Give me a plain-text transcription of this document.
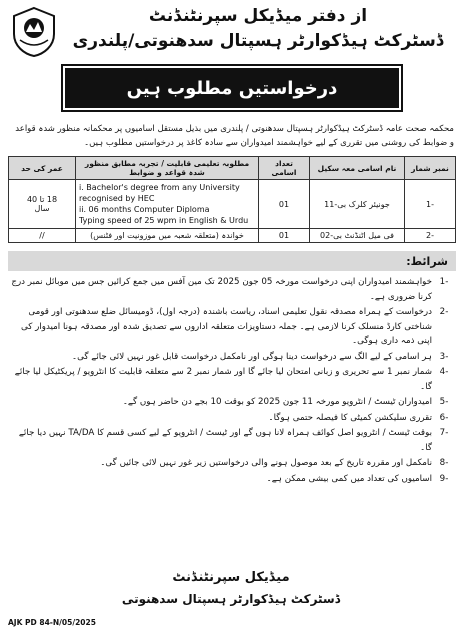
از دفتر میڈیکل سپرنٹنڈنٹ
ڈسٹرکٹ ہیڈکوارٹر ہسپتال سدھنوتی/پلندری
درخواستیں مطلوب ہیں
محکمہ صحت عامہ ڈسٹرکٹ ہیڈکوارٹر ہسپتال سدھنوتی / پلندری میں بذیل مستقل اسامیوں پر محکمانہ منظور شدہ قواعد و ضوابط کی روشنی میں تقرری کے لیے خواہشمند امیدواران سے سادہ کاغذ پر درخواستیں مطلوب ہیں۔
نمبر شمار	نام اسامی معہ سکیل	تعداد اسامی	مطلوبہ تعلیمی قابلیت / تجربہ مطابق منظور شدہ قواعد و ضوابط	عمر کی حد
-1	جونیئر کلرک بی-11	01	i. Bachelor's degree from any University
recognised by HEC
ii. 06 months Computer Diploma
Typing speed of 25 wpm in English & Urdu	18 تا 40
سال

-2	فی میل اٹنڈنٹ بی-02	01	خواندہ (متعلقہ شعبہ میں موزونیت اور فٹنس)	//
شرائط:
-1
خواہشمند امیدواران اپنی درخواست مورخہ 05 جون 2025 تک مین آفس میں جمع کرائیں جس میں موبائل نمبر درج کرنا ضروری ہے۔
-2
درخواست کے ہمراہ مصدقہ نقول تعلیمی اسناد، ریاست باشندہ (درجہ اول)، ڈومیسائل ضلع سدھنوتی اور قومی شناختی کارڈ منسلک کرنا لازمی ہے۔ جملہ دستاویزات متعلقہ اداروں سے تصدیق شدہ اور مصدقہ ہونا امیدوار کی اپنی ذمہ داری ہوگی۔
-3
ہر اسامی کے لیے الگ سے درخواست دینا ہوگی اور نامکمل درخواست قابل غور نہیں لائی جائے گی۔
-4
شمار نمبر 1 سے تحریری و زبانی امتحان لیا جائے گا اور شمار نمبر 2 سے متعلقہ قابلیت کا انٹرویو / پریکٹیکل لیا جائے گا۔
-5
امیدواران ٹیسٹ / انٹرویو مورخہ 11 جون 2025 کو بوقت 10 بجے دن حاضر ہوں گے۔
-6
تقرری سلیکشن کمیٹی کا فیصلہ حتمی ہوگا۔
-7
بوقت ٹیسٹ / انٹرویو اصل کوائف ہمراہ لانا ہوں گے اور ٹیسٹ / انٹرویو کے لیے کسی قسم کا TA/DA نہیں دیا جائے گا۔
-8
نامکمل اور مقررہ تاریخ کے بعد موصول ہونے والی درخواستیں زیر غور نہیں لائی جائیں گی۔
-9
اسامیوں کی تعداد میں کمی بیشی ممکن ہے۔
میڈیکل سپرنٹنڈنٹ
ڈسٹرکٹ ہیڈکوارٹر ہسپتال سدھنوتی
AJK PD 84-N/05/2025
